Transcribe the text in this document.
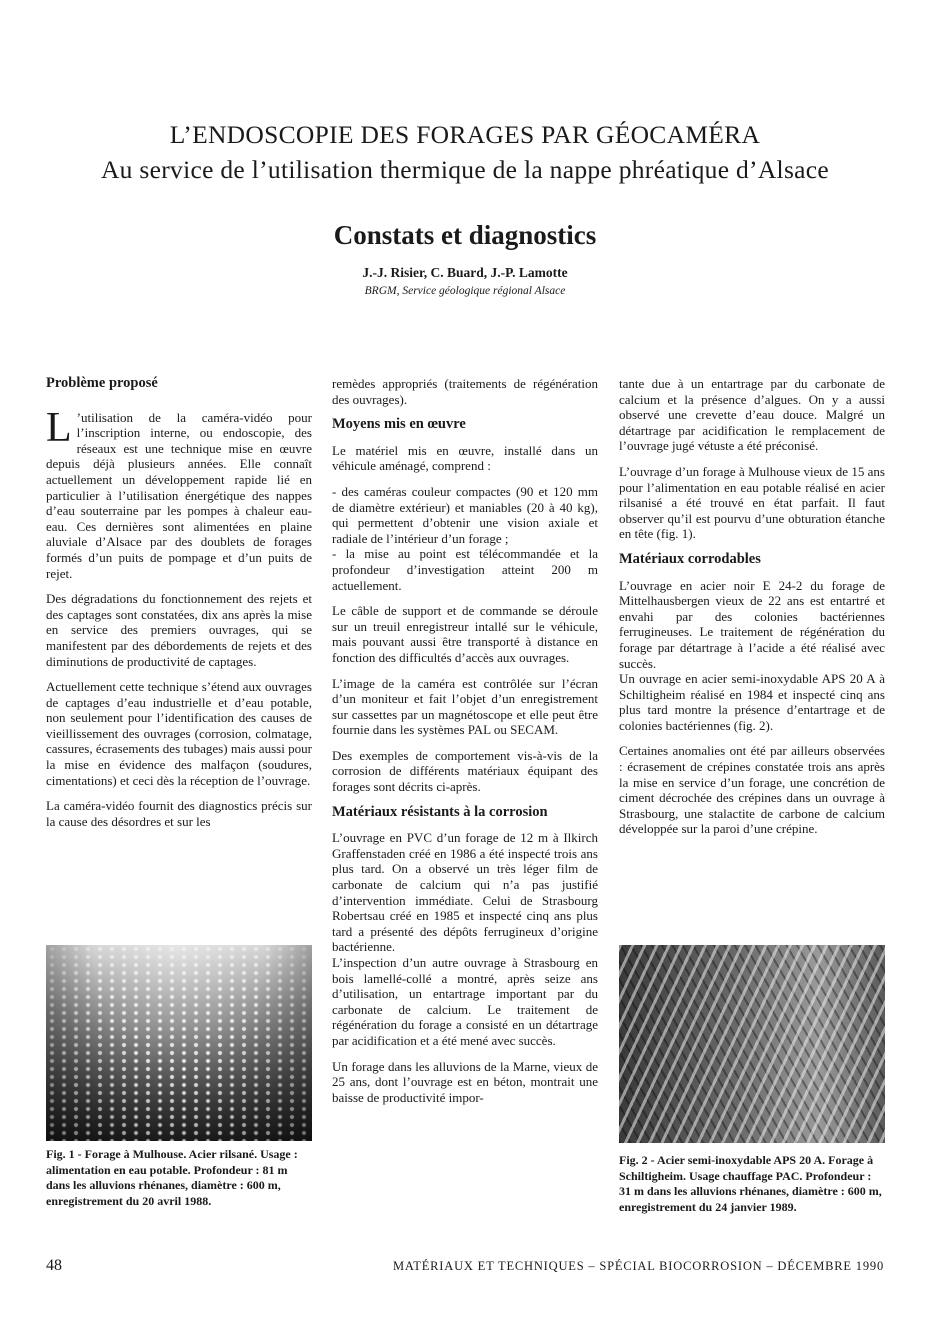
L’ENDOSCOPIE DES FORAGES PAR GÉOCAMÉRA
Au service de l’utilisation thermique de la nappe phréatique d’Alsace
Constats et diagnostics
J.-J. Risier, C. Buard, J.-P. Lamotte
BRGM, Service géologique régional Alsace
Problème proposé

L ’utilisation de la caméra-vidéo pour l’inscription interne, ou endoscopie, des réseaux est une technique mise en œuvre depuis déjà plusieurs années. Elle connaît actuellement un développement rapide lié en particulier à l’utilisation énergétique des nappes d’eau souterraine par les pompes à chaleur eau-eau. Ces dernières sont alimentées en plaine aluviale d’Alsace par des doublets de forages formés d’un puits de pompage et d’un puits de rejet.

Des dégradations du fonctionnement des rejets et des captages sont constatées, dix ans après la mise en service des premiers ouvrages, qui se manifestent par des débordements de rejets et des diminutions de productivité de captages.

Actuellement cette technique s’étend aux ouvrages de captages d’eau industrielle et d’eau potable, non seulement pour l’identification des causes de vieillissement des ouvrages (corrosion, colmatage, cassures, écrasements des tubages) mais aussi pour la mise en évidence des malfaçon (soudures, cimentations) et ceci dès la réception de l’ouvrage.

La caméra-vidéo fournit des diagnostics précis sur la cause des désordres et sur les

remèdes appropriés (traitements de régénération des ouvrages).

Moyens mis en œuvre

Le matériel mis en œuvre, installé dans un véhicule aménagé, comprend :

- des caméras couleur compactes (90 et 120 mm de diamètre extérieur) et maniables (20 à 40 kg), qui permettent d’obtenir une vision axiale et radiale de l’intérieur d’un forage ;

- la mise au point est télécommandée et la profondeur d’investigation atteint 200 m actuellement.

Le câble de support et de commande se déroule sur un treuil enregistreur intallé sur le véhicule, mais pouvant aussi être transporté à distance en fonction des difficultés d’accès aux ouvrages.

L’image de la caméra est contrôlée sur l’écran d’un moniteur et fait l’objet d’un enregistrement sur cassettes par un magnétoscope et elle peut être fournie dans les systèmes PAL ou SECAM.

Des exemples de comportement vis-à-vis de la corrosion de différents matériaux équipant des forages sont décrits ci-après.

Matériaux résistants à la corrosion

L’ouvrage en PVC d’un forage de 12 m à Ilkirch Graffenstaden créé en 1986 a été inspecté trois ans plus tard. On a observé un très léger film de carbonate de calcium qui n’a pas justifié d’intervention immédiate. Celui de Strasbourg Robertsau créé en 1985 et inspecté cinq ans plus tard a présenté des dépôts ferrugineux d’origine bactérienne.

L’inspection d’un autre ouvrage à Strasbourg en bois lamellé-collé a montré, après seize ans d’utilisation, un entartrage important par du carbonate de calcium. Le traitement de régénération du forage a consisté en un détartrage par acidification et a été mené avec succès.

Un forage dans les alluvions de la Marne, vieux de 25 ans, dont l’ouvrage est en béton, montrait une baisse de productivité impor-

tante due à un entartrage par du carbonate de calcium et la présence d’algues. On y a aussi observé une crevette d’eau douce. Malgré un détartrage par acidification le remplacement de l’ouvrage jugé vétuste a été préconisé.

L’ouvrage d’un forage à Mulhouse vieux de 15 ans pour l’alimentation en eau potable réalisé en acier rilsanisé a été trouvé en état parfait. Il faut observer qu’il est pourvu d’une obturation étanche en tête (fig. 1).

Matériaux corrodables

L’ouvrage en acier noir E 24-2 du forage de Mittelhausbergen vieux de 22 ans est entartré et envahi par des colonies bactériennes ferrugineuses. Le traitement de régénération du forage par détartrage à l’acide a été réalisé avec succès.

Un ouvrage en acier semi-inoxydable APS 20 A à Schiltigheim réalisé en 1984 et inspecté cinq ans plus tard montre la présence d’entartrage et de colonies bactériennes (fig. 2).

Certaines anomalies ont été par ailleurs observées : écrasement de crépines constatée trois ans après la mise en service d’un forage, une concrétion de ciment décrochée des crépines dans un ouvrage à Strasbourg, une stalactite de carbone de calcium développée sur la paroi d’une crépine.

Fig. 1 - Forage à Mulhouse. Acier rilsané. Usage : alimentation en eau potable. Profondeur : 81 m dans les alluvions rhénanes, diamètre : 600 m, enregistrement du 20 avril 1988.
Fig. 2 - Acier semi-inoxydable APS 20 A. Forage à Schiltigheim. Usage chauffage PAC. Profondeur : 31 m dans les alluvions rhénanes, diamètre : 600 m, enregistrement du 24 janvier 1989.
48	MATÉRIAUX ET TECHNIQUES – SPÉCIAL BIOCORROSION – DÉCEMBRE 1990
